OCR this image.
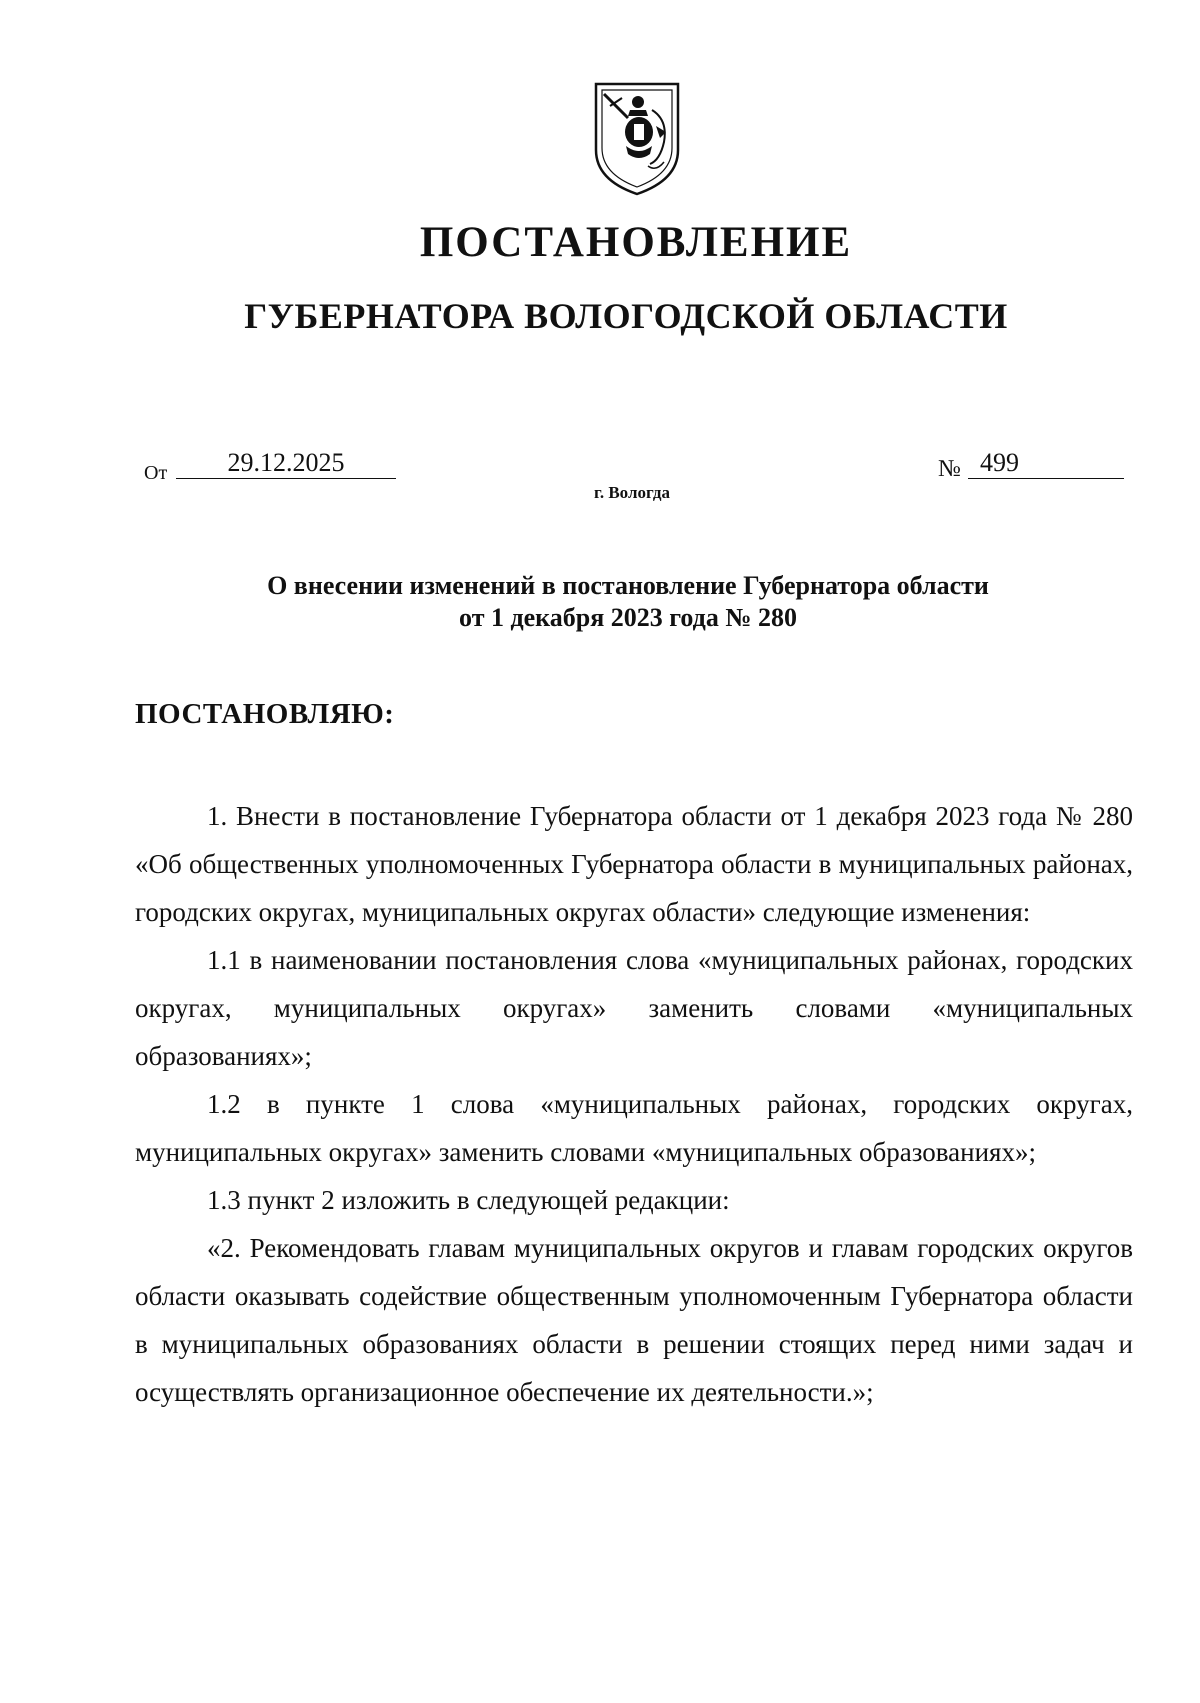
ПОСТАНОВЛЕНИЕ
ГУБЕРНАТОРА ВОЛОГОДСКОЙ ОБЛАСТИ
От	29.12.2025	№ 499
г. Вологда
О внесении изменений в постановление Губернатора области
от 1 декабря 2023 года № 280
ПОСТАНОВЛЯЮ:

1. Внести в постановление Губернатора области от 1 декабря 2023 года № 280 «Об общественных уполномоченных Губернатора области в муниципальных районах, городских округах, муниципальных округах области» следующие изменения:

1.1 в наименовании постановления слова «муниципальных районах, городских округах, муниципальных округах» заменить словами «муниципальных образованиях»;

1.2 в пункте 1 слова «муниципальных районах, городских округах, муниципальных округах» заменить словами «муниципальных образованиях»;

1.3 пункт 2 изложить в следующей редакции:

«2. Рекомендовать главам муниципальных округов и главам городских округов области оказывать содействие общественным уполномоченным Губернатора области в муниципальных образованиях области в решении стоящих перед ними задач и осуществлять организационное обеспечение их деятельности.»;
